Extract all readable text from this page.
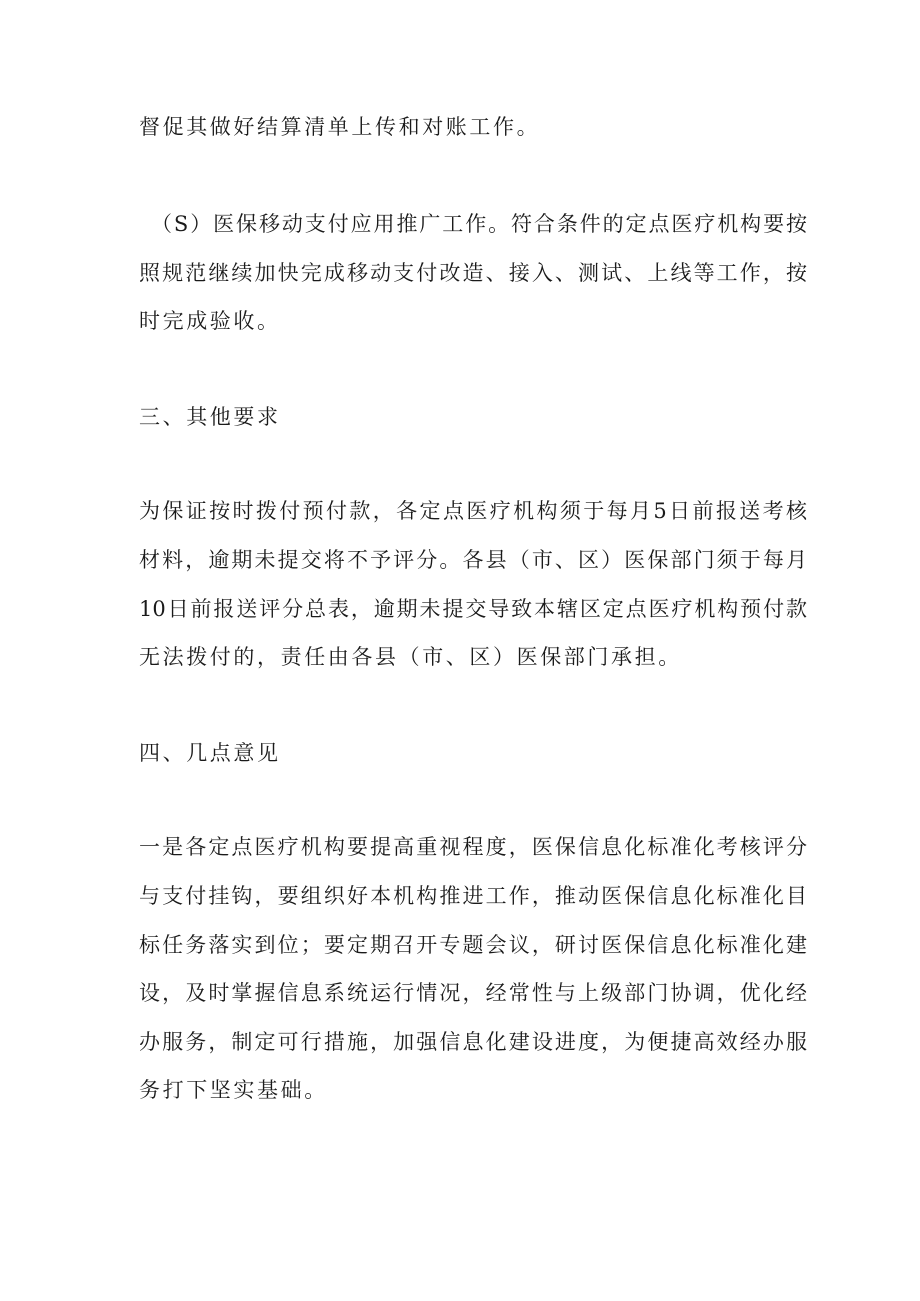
督促其做好结算清单上传和对账工作。
（S）医保移动支付应用推广工作。符合条件的定点医疗机构要按
照规范继续加快完成移动支付改造、接入、测试、上线等工作，按
时完成验收。
三、其他要求
为保证按时拨付预付款，各定点医疗机构须于每月5日前报送考核
材料，逾期未提交将不予评分。各县（市、区）医保部门须于每月
10日前报送评分总表，逾期未提交导致本辖区定点医疗机构预付款
无法拨付的，责任由各县（市、区）医保部门承担。
四、几点意见
一是各定点医疗机构要提高重视程度，医保信息化标准化考核评分
与支付挂钩，要组织好本机构推进工作，推动医保信息化标准化目
标任务落实到位；要定期召开专题会议，研讨医保信息化标准化建
设，及时掌握信息系统运行情况，经常性与上级部门协调，优化经
办服务，制定可行措施，加强信息化建设进度，为便捷高效经办服
务打下坚实基础。
